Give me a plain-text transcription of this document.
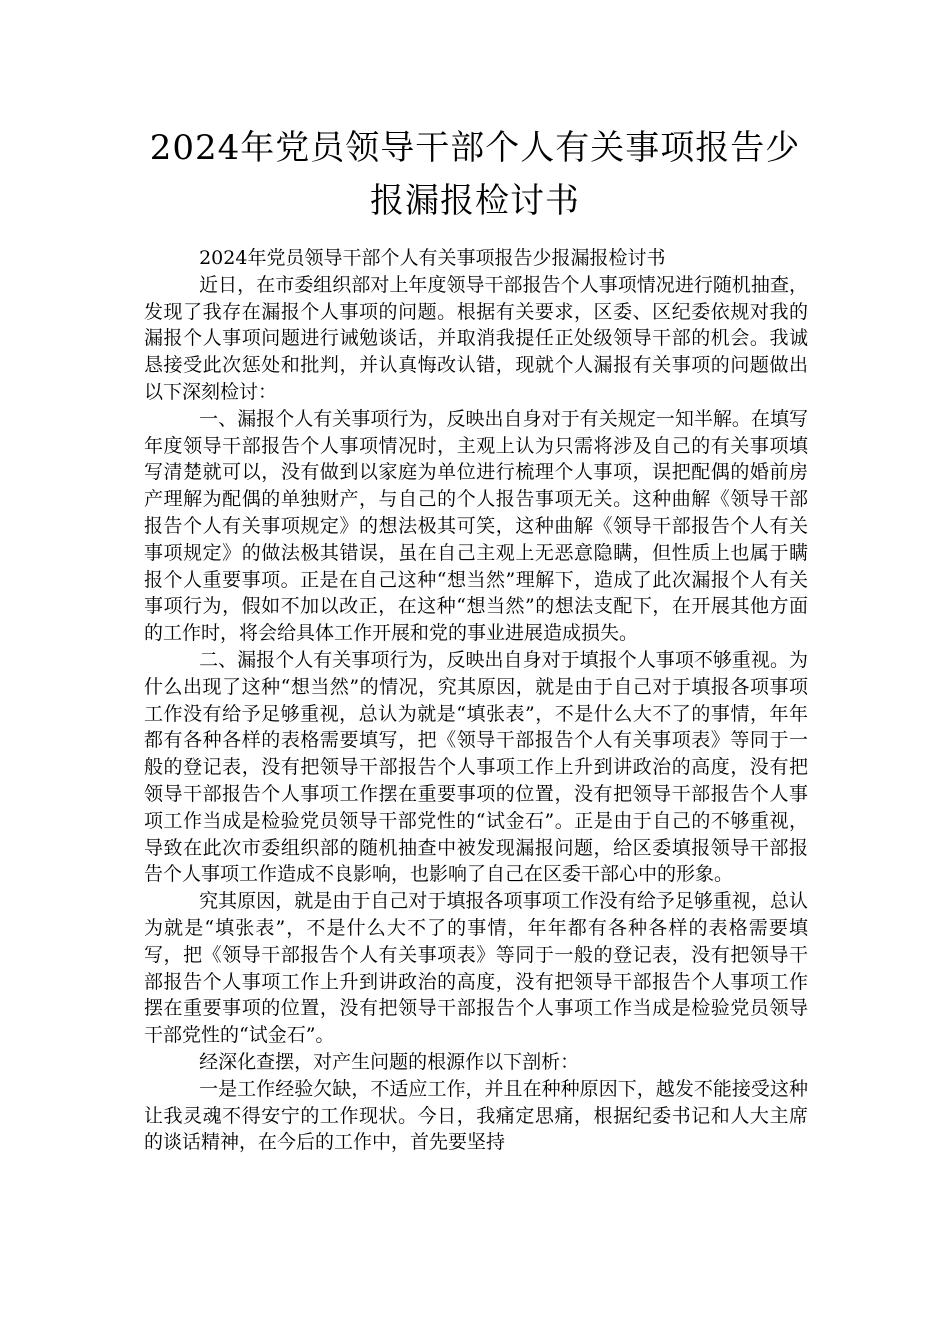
2024年党员领导干部个人有关事项报告少
报漏报检讨书

2024年党员领导干部个人有关事项报告少报漏报检讨书

近日，在市委组织部对上年度领导干部报告个人事项情况进行随机抽查，发现了我存在漏报个人事项的问题。根据有关要求，区委、区纪委依规对我的漏报个人事项问题进行诫勉谈话，并取消我提任正处级领导干部的机会。我诚恳接受此次惩处和批判，并认真悔改认错，现就个人漏报有关事项的问题做出以下深刻检讨：

一、漏报个人有关事项行为，反映出自身对于有关规定一知半解。在填写年度领导干部报告个人事项情况时，主观上认为只需将涉及自己的有关事项填写清楚就可以，没有做到以家庭为单位进行梳理个人事项，误把配偶的婚前房产理解为配偶的单独财产，与自己的个人报告事项无关。这种曲解《领导干部报告个人有关事项规定》的想法极其可笑，这种曲解《领导干部报告个人有关事项规定》的做法极其错误，虽在自己主观上无恶意隐瞒，但性质上也属于瞒报个人重要事项。正是在自己这种“想当然”理解下，造成了此次漏报个人有关事项行为，假如不加以改正，在这种“想当然”的想法支配下，在开展其他方面的工作时，将会给具体工作开展和党的事业进展造成损失。

二、漏报个人有关事项行为，反映出自身对于填报个人事项不够重视。为什么出现了这种“想当然”的情况，究其原因，就是由于自己对于填报各项事项工作没有给予足够重视，总认为就是“填张表”，不是什么大不了的事情，年年都有各种各样的表格需要填写，把《领导干部报告个人有关事项表》等同于一般的登记表，没有把领导干部报告个人事项工作上升到讲政治的高度，没有把领导干部报告个人事项工作摆在重要事项的位置，没有把领导干部报告个人事项工作当成是检验党员领导干部党性的“试金石”。正是由于自己的不够重视，导致在此次市委组织部的随机抽查中被发现漏报问题，给区委填报领导干部报告个人事项工作造成不良影响，也影响了自己在区委干部心中的形象。

究其原因，就是由于自己对于填报各项事项工作没有给予足够重视，总认为就是“填张表”，不是什么大不了的事情，年年都有各种各样的表格需要填写，把《领导干部报告个人有关事项表》等同于一般的登记表，没有把领导干部报告个人事项工作上升到讲政治的高度，没有把领导干部报告个人事项工作摆在重要事项的位置，没有把领导干部报告个人事项工作当成是检验党员领导干部党性的“试金石”。

经深化查摆，对产生问题的根源作以下剖析：

一是工作经验欠缺，不适应工作，并且在种种原因下，越发不能接受这种让我灵魂不得安宁的工作现状。今日，我痛定思痛，根据纪委书记和人大主席的谈话精神，在今后的工作中，首先要坚持
